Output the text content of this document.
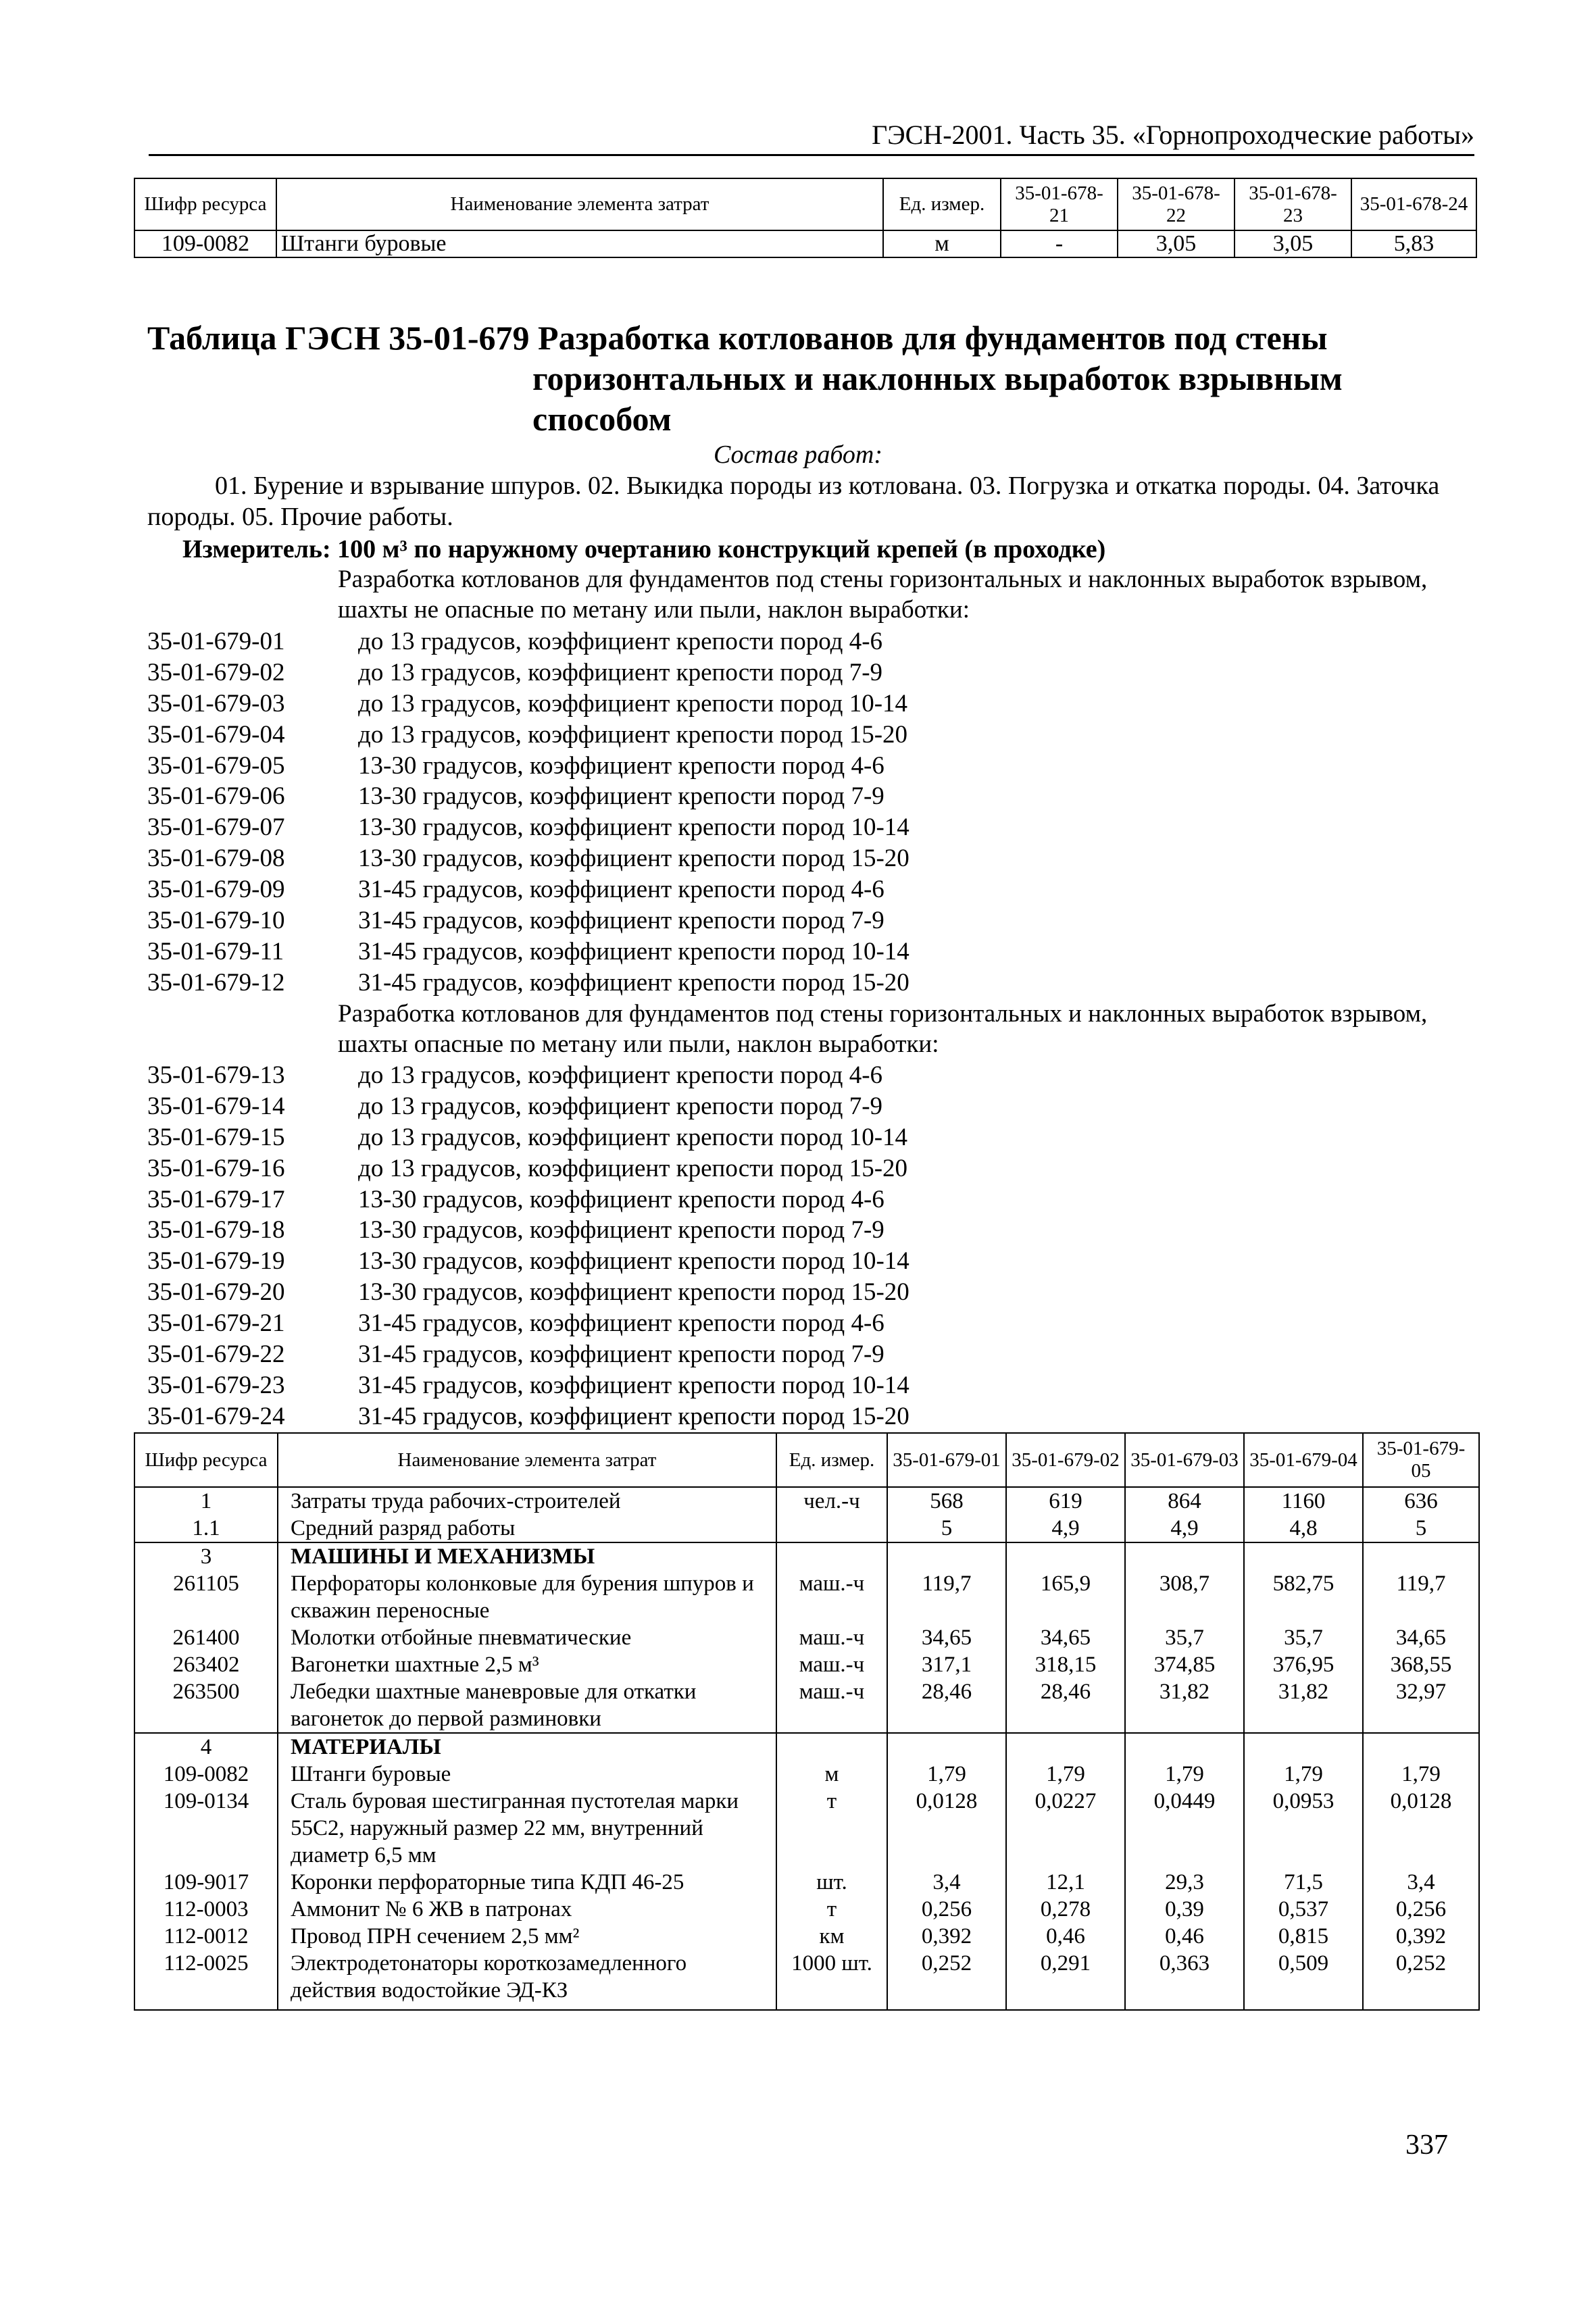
ГЭСН-2001. Часть 35. «Горнопроходческие работы»
Шифр ресурса	Наименование элемента затрат	Ед. измер.	35-01-678-21	35-01-678-22	35-01-678-23	35-01-678-24
109-0082	Штанги буровые	м	-	3,05	3,05	5,83
Таблица ГЭСН 35-01-679 Разработка котлованов для фундаментов под стены
горизонтальных и наклонных выработок взрывным
способом
Состав работ:
01. Бурение и взрывание шпуров. 02. Выкидка породы из котлована. 03. Погрузка и откатка породы. 04. Заточка породы. 05. Прочие работы.
Измеритель: 100 м³ по наружному очертанию конструкций крепей (в проходке)
Разработка котлованов для фундаментов под стены горизонтальных и наклонных выработок взрывом, шахты не опасные по метану или пыли, наклон выработки:
35-01-679-01	до 13 градусов, коэффициент крепости пород 4-6
35-01-679-02	до 13 градусов, коэффициент крепости пород 7-9
35-01-679-03	до 13 градусов, коэффициент крепости пород 10-14
35-01-679-04	до 13 градусов, коэффициент крепости пород 15-20
35-01-679-05	13-30 градусов, коэффициент крепости пород 4-6
35-01-679-06	13-30 градусов, коэффициент крепости пород 7-9
35-01-679-07	13-30 градусов, коэффициент крепости пород 10-14
35-01-679-08	13-30 градусов, коэффициент крепости пород 15-20
35-01-679-09	31-45 градусов, коэффициент крепости пород 4-6
35-01-679-10	31-45 градусов, коэффициент крепости пород 7-9
35-01-679-11	31-45 градусов, коэффициент крепости пород 10-14
35-01-679-12	31-45 градусов, коэффициент крепости пород 15-20
Разработка котлованов для фундаментов под стены горизонтальных и наклонных выработок взрывом, шахты опасные по метану или пыли, наклон выработки:
35-01-679-13	до 13 градусов, коэффициент крепости пород 4-6
35-01-679-14	до 13 градусов, коэффициент крепости пород 7-9
35-01-679-15	до 13 градусов, коэффициент крепости пород 10-14
35-01-679-16	до 13 градусов, коэффициент крепости пород 15-20
35-01-679-17	13-30 градусов, коэффициент крепости пород 4-6
35-01-679-18	13-30 градусов, коэффициент крепости пород 7-9
35-01-679-19	13-30 градусов, коэффициент крепости пород 10-14
35-01-679-20	13-30 градусов, коэффициент крепости пород 15-20
35-01-679-21	31-45 градусов, коэффициент крепости пород 4-6
35-01-679-22	31-45 градусов, коэффициент крепости пород 7-9
35-01-679-23	31-45 градусов, коэффициент крепости пород 10-14
35-01-679-24	31-45 градусов, коэффициент крепости пород 15-20
Шифр ресурса	Наименование элемента затрат	Ед. измер.	35-01-679-01	35-01-679-02	35-01-679-03	35-01-679-04	35-01-679-05
1	Затраты труда рабочих-строителей	чел.-ч	568	619	864	1160	636
1.1	Средний разряд работы		5	4,9	4,9	4,8	5
3	МАШИНЫ И МЕХАНИЗМЫ						
261105	Перфораторы колонковые для бурения шпуров и скважин переносные	маш.-ч	119,7	165,9	308,7	582,75	119,7
261400	Молотки отбойные пневматические	маш.-ч	34,65	34,65	35,7	35,7	34,65
263402	Вагонетки шахтные 2,5 м³	маш.-ч	317,1	318,15	374,85	376,95	368,55
263500	Лебедки шахтные маневровые для откатки вагонеток до первой разминовки	маш.-ч	28,46	28,46	31,82	31,82	32,97
4	МАТЕРИАЛЫ						
109-0082	Штанги буровые	м	1,79	1,79	1,79	1,79	1,79
109-0134	Сталь буровая шестигранная пустотелая марки 55С2, наружный размер 22 мм, внутренний диаметр 6,5 мм	т	0,0128	0,0227	0,0449	0,0953	0,0128
109-9017	Коронки перфораторные типа КДП 46-25	шт.	3,4	12,1	29,3	71,5	3,4
112-0003	Аммонит № 6 ЖВ в патронах	т	0,256	0,278	0,39	0,537	0,256
112-0012	Провод ПРН сечением 2,5 мм²	км	0,392	0,46	0,46	0,815	0,392
112-0025	Электродетонаторы короткозамедленного действия водостойкие ЭД-КЗ	1000 шт.	0,252	0,291	0,363	0,509	0,252
337
